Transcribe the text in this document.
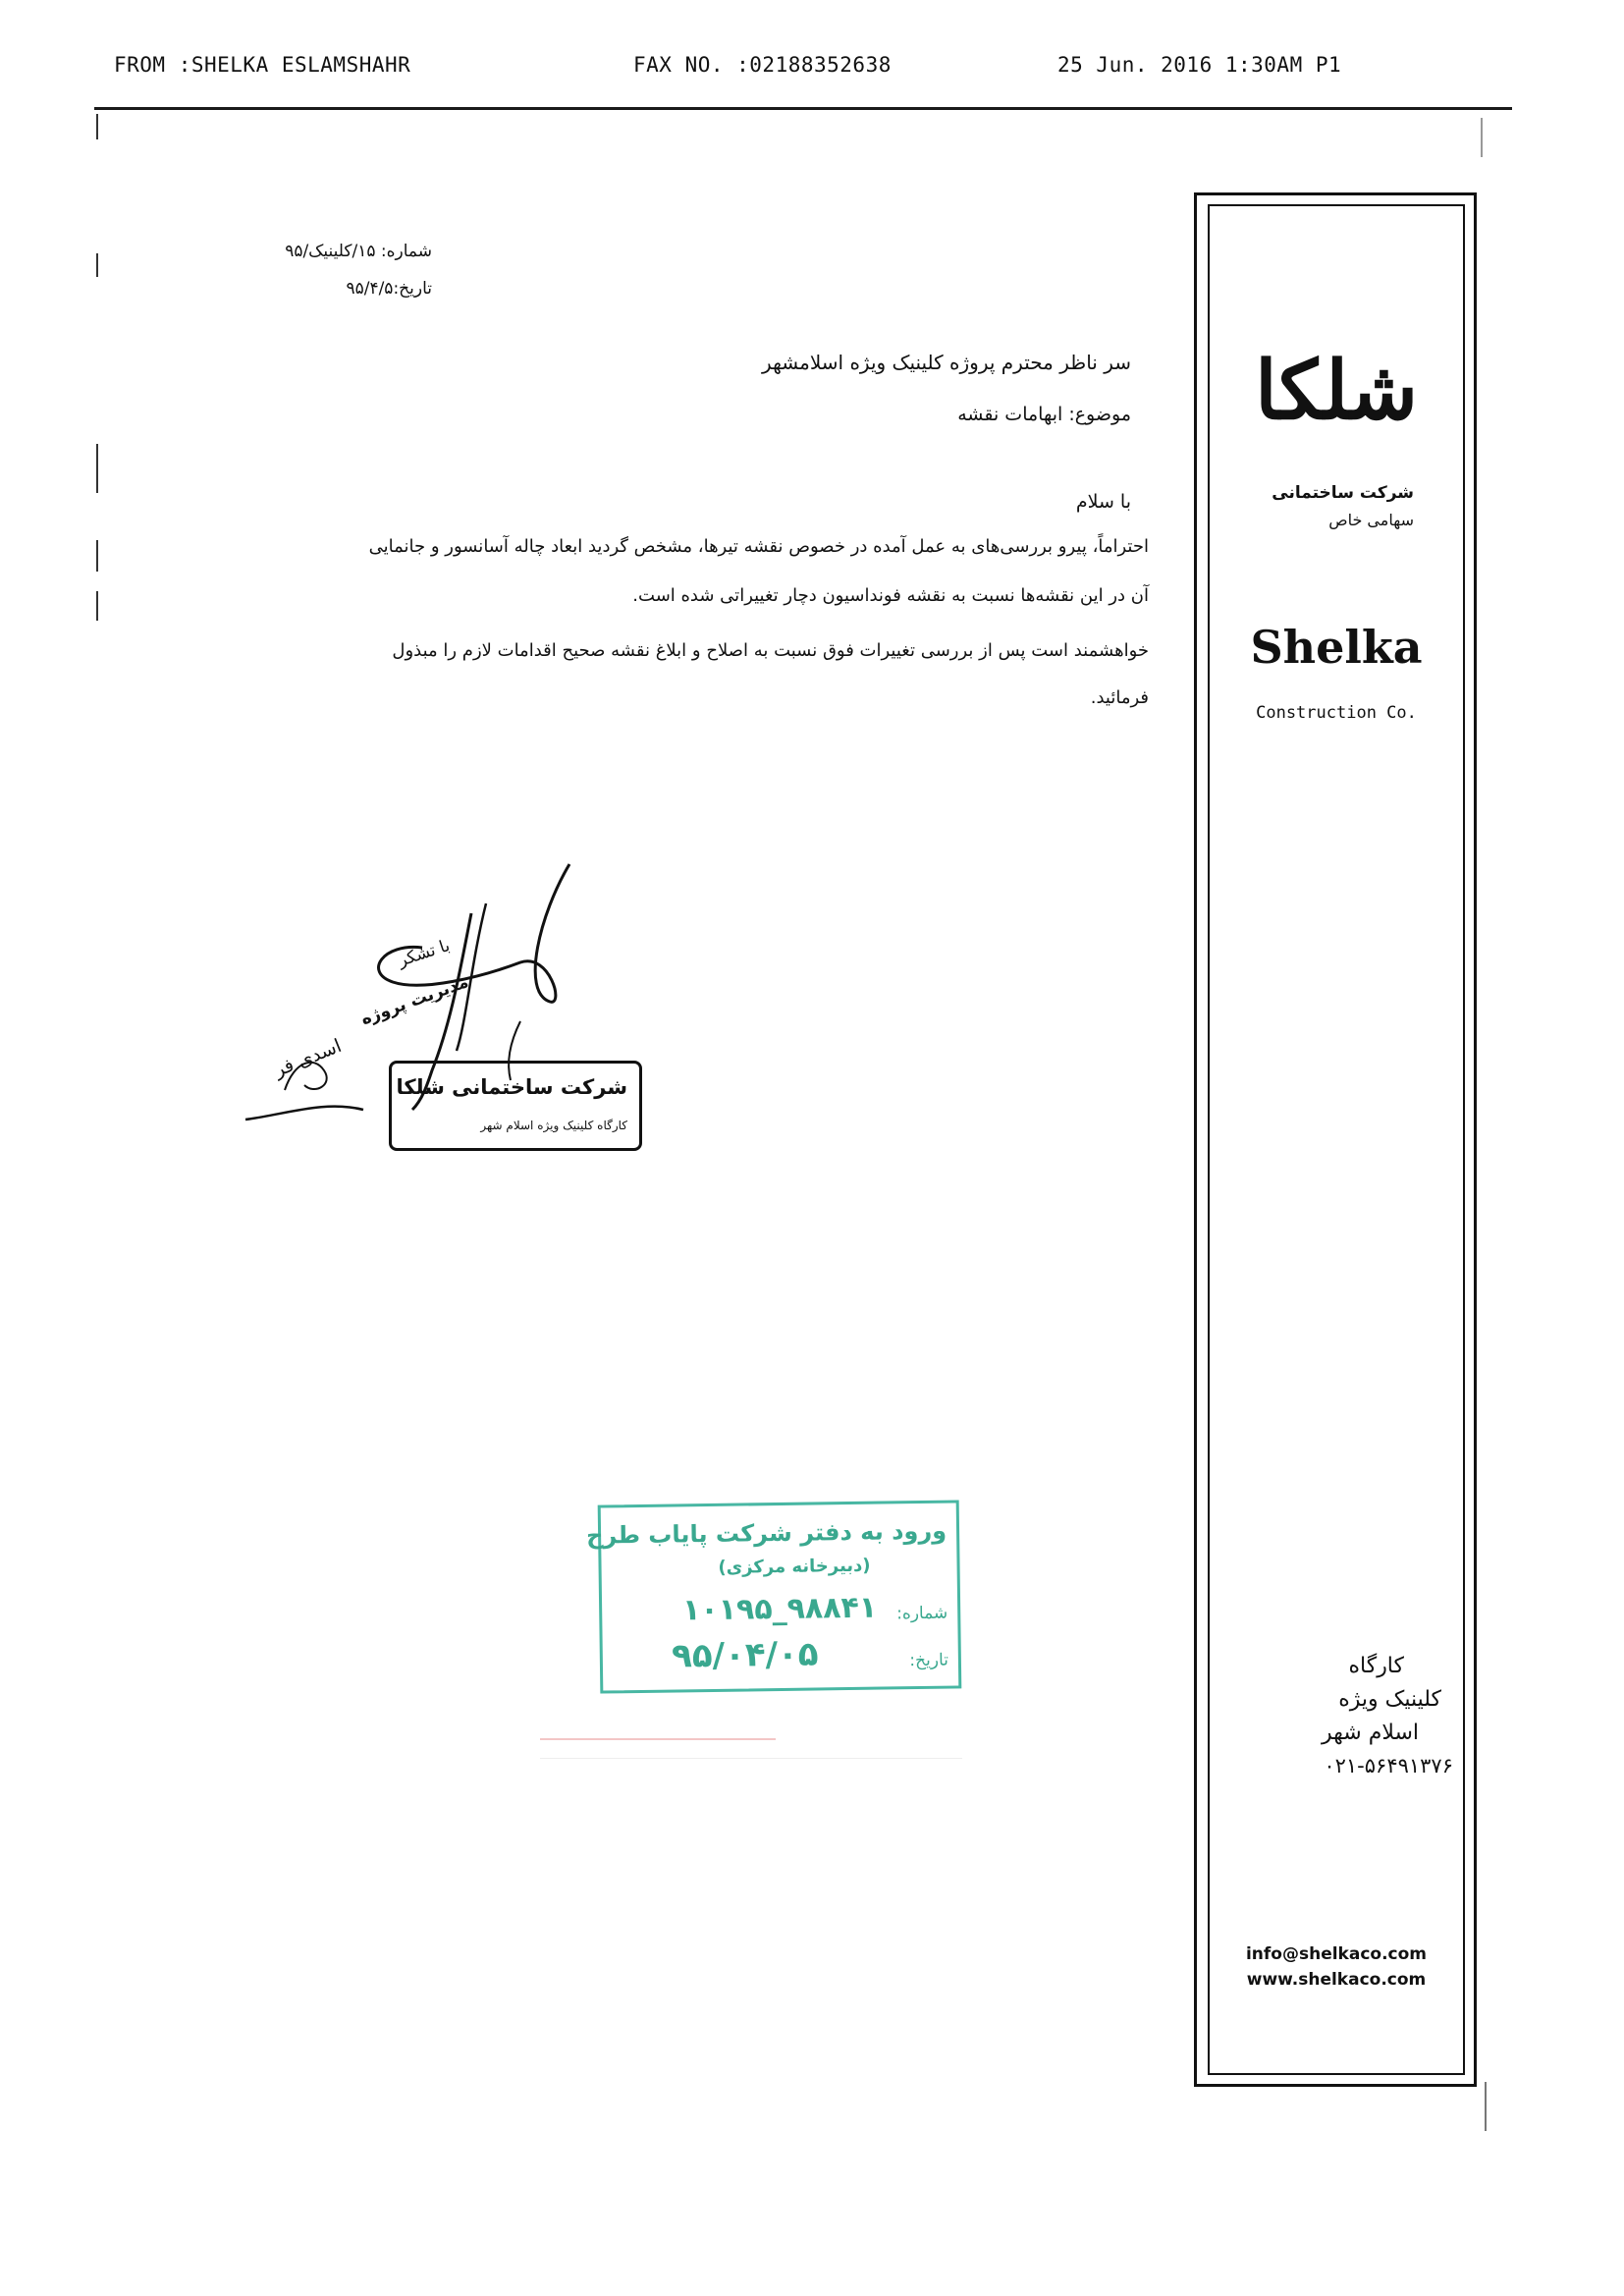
FROM :SHELKA ESLAMSHAHR	FAX NO. :02188352638	25 Jun. 2016 1:30AM P1
شماره: ۱۵/کلینیک/۹۵
تاریخ:۹۵/۴/۵
سر ناظر محترم پروژه کلینیک ویژه اسلامشهر
موضوع: ابهامات نقشه
با سلام
احتراماً، پیرو بررسی‌های به عمل آمده در خصوص نقشه تیرها، مشخص گردید ابعاد چاله آسانسور و جانمایی
آن در این نقشه‌ها نسبت به نقشه فونداسیون دچار تغییراتی شده است.
خواهشمند است پس از بررسی تغییرات فوق نسبت به اصلاح و ابلاغ نقشه صحیح اقدامات لازم را مبذول
فرمائید.
با تشکر
مدیریت پروژه
اسدی فر
شرکت ساختمانی شلکا
کارگاه کلینیک ویژه اسلام شهر
شلکا
شرکت ساختمانی
سهامی خاص
Shelka
Construction Co.
کارگاه
کلینیک ویژه
اسلام شهر
۰۲۱-۵۶۴۹۱۳۷۶
info@shelkaco.com
www.shelkaco.com
ورود به دفتر شرکت پایاب طرح
(دبیرخانه مرکزی)
شماره:
۱۰۱۹۵_۹۸۸۴۱
تاریخ:
۹۵/۰۴/۰۵
